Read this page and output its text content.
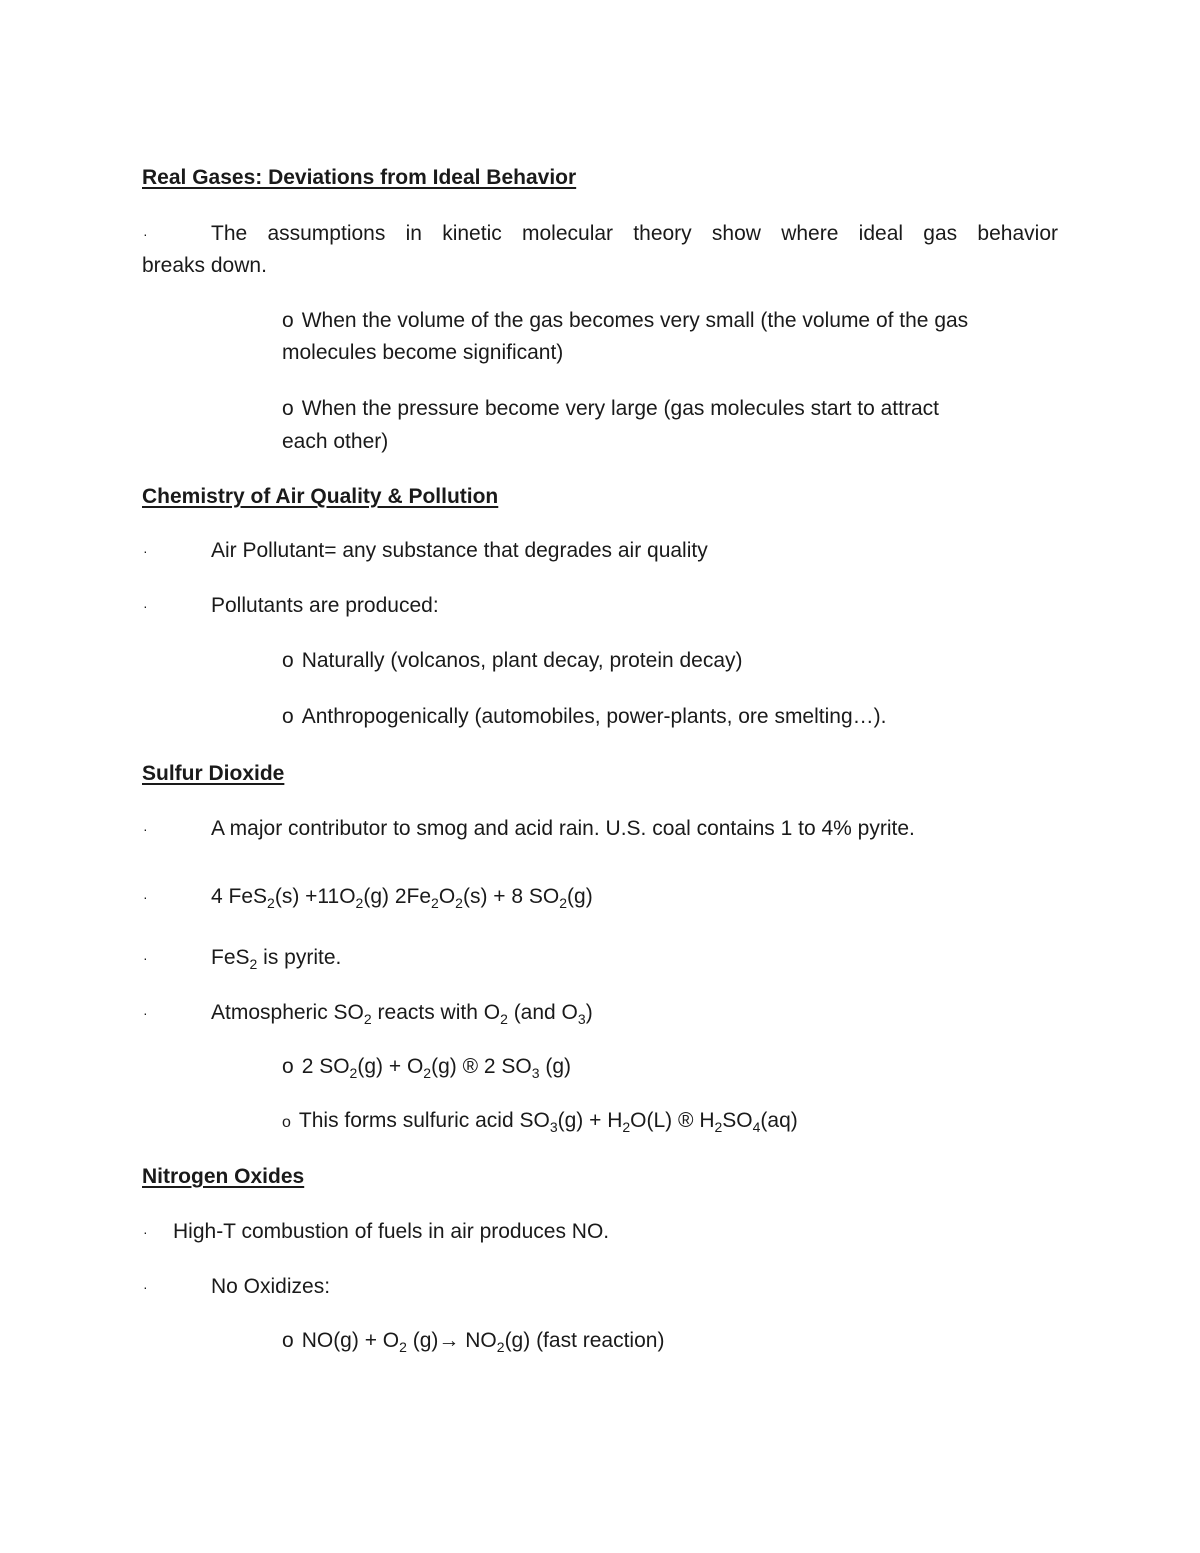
Real Gases: Deviations from Ideal Behavior
·	The assumptions in kinetic molecular theory show where ideal gas behavior
breaks down.
o When the volume of the gas becomes very small (the volume of the gas
molecules become significant)
o When the pressure become very large (gas molecules start to attract
each other)
Chemistry of Air Quality & Pollution
·	Air Pollutant= any substance that degrades air quality
·	Pollutants are produced:
o Naturally (volcanos, plant decay, protein decay)
o Anthropogenically (automobiles, power-plants, ore smelting…).
Sulfur Dioxide
·	A major contributor to smog and acid rain. U.S. coal contains 1 to 4% pyrite.
·	4 $FeS_2(s) +11O_2(g) 2Fe_2O_2(s) + 8$ $SO_2(g)$
·	FeS$_2$ is pyrite.
·	Atmospheric $SO_2$ reacts with $O_2$ (and $O_3$)
o 2 $SO_2(g) + O_2(g)$ ® 2 $SO_3$ (g)
o This forms sulfuric acid $SO_3(g) + H_2O(L)$ ® $H_2SO_4(aq)$
Nitrogen Oxides
· High-T combustion of fuels in air produces NO.
·	No Oxidizes:
o $NO(g) + O_2$ $(g)\to NO_2(g)$ (fast reaction)
